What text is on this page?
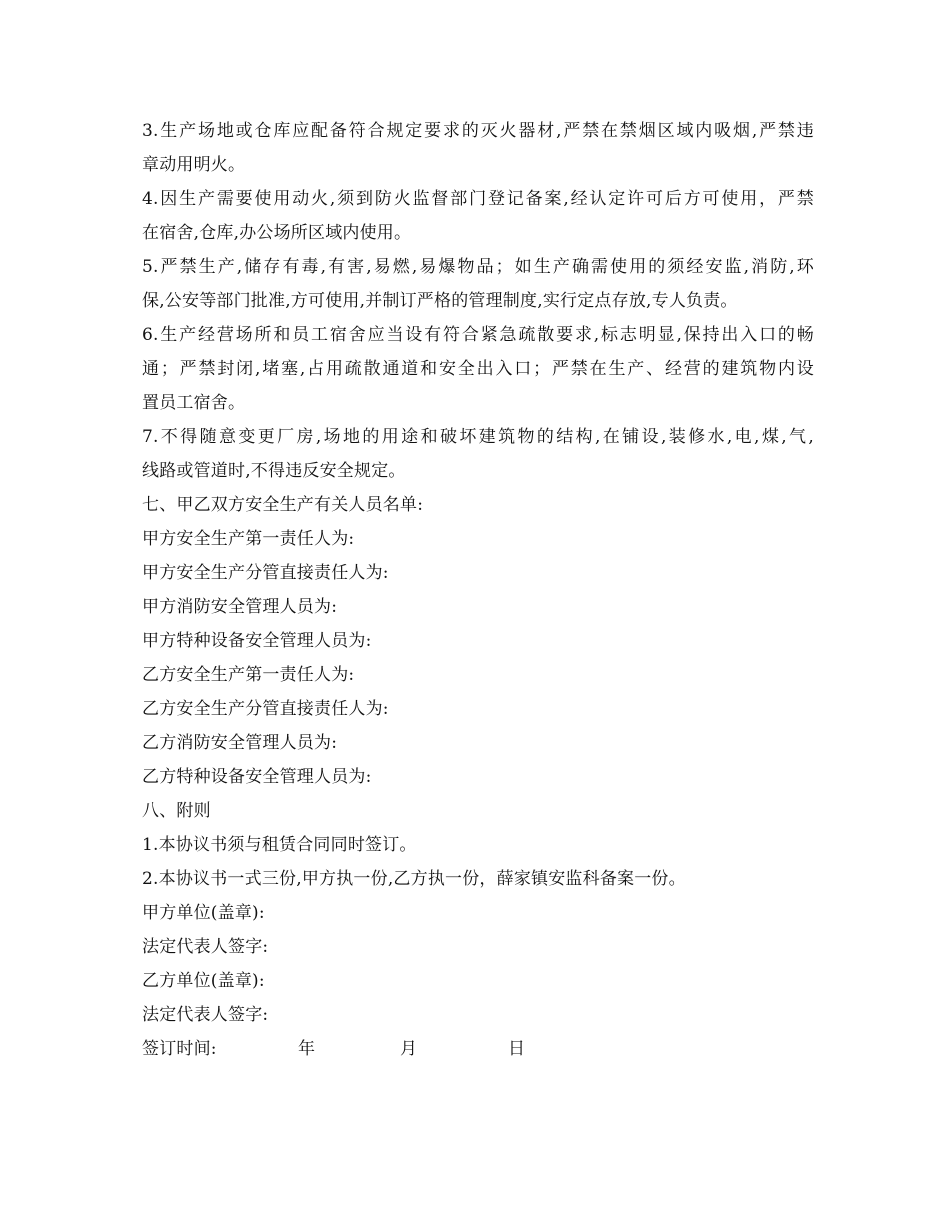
3.生产场地或仓库应配备符合规定要求的灭火器材,严禁在禁烟区域内吸烟,严禁违
章动用明火。
4.因生产需要使用动火,须到防火监督部门登记备案,经认定许可后方可使用，严禁
在宿舍,仓库,办公场所区域内使用。
5.严禁生产,储存有毒,有害,易燃,易爆物品；如生产确需使用的须经安监,消防,环
保,公安等部门批准,方可使用,并制订严格的管理制度,实行定点存放,专人负责。
6.生产经营场所和员工宿舍应当设有符合紧急疏散要求,标志明显,保持出入口的畅
通；严禁封闭,堵塞,占用疏散通道和安全出入口；严禁在生产、经营的建筑物内设
置员工宿舍。
7.不得随意变更厂房,场地的用途和破坏建筑物的结构,在铺设,装修水,电,煤,气,
线路或管道时,不得违反安全规定。
七、甲乙双方安全生产有关人员名单:
甲方安全生产第一责任人为:
甲方安全生产分管直接责任人为:
甲方消防安全管理人员为:
甲方特种设备安全管理人员为:
乙方安全生产第一责任人为:
乙方安全生产分管直接责任人为:
乙方消防安全管理人员为:
乙方特种设备安全管理人员为:
八、附则
1.本协议书须与租赁合同同时签订。
2.本协议书一式三份,甲方执一份,乙方执一份，薛家镇安监科备案一份。
甲方单位(盖章):
法定代表人签字:
乙方单位(盖章):
法定代表人签字:
签订时间:	年	月	日
